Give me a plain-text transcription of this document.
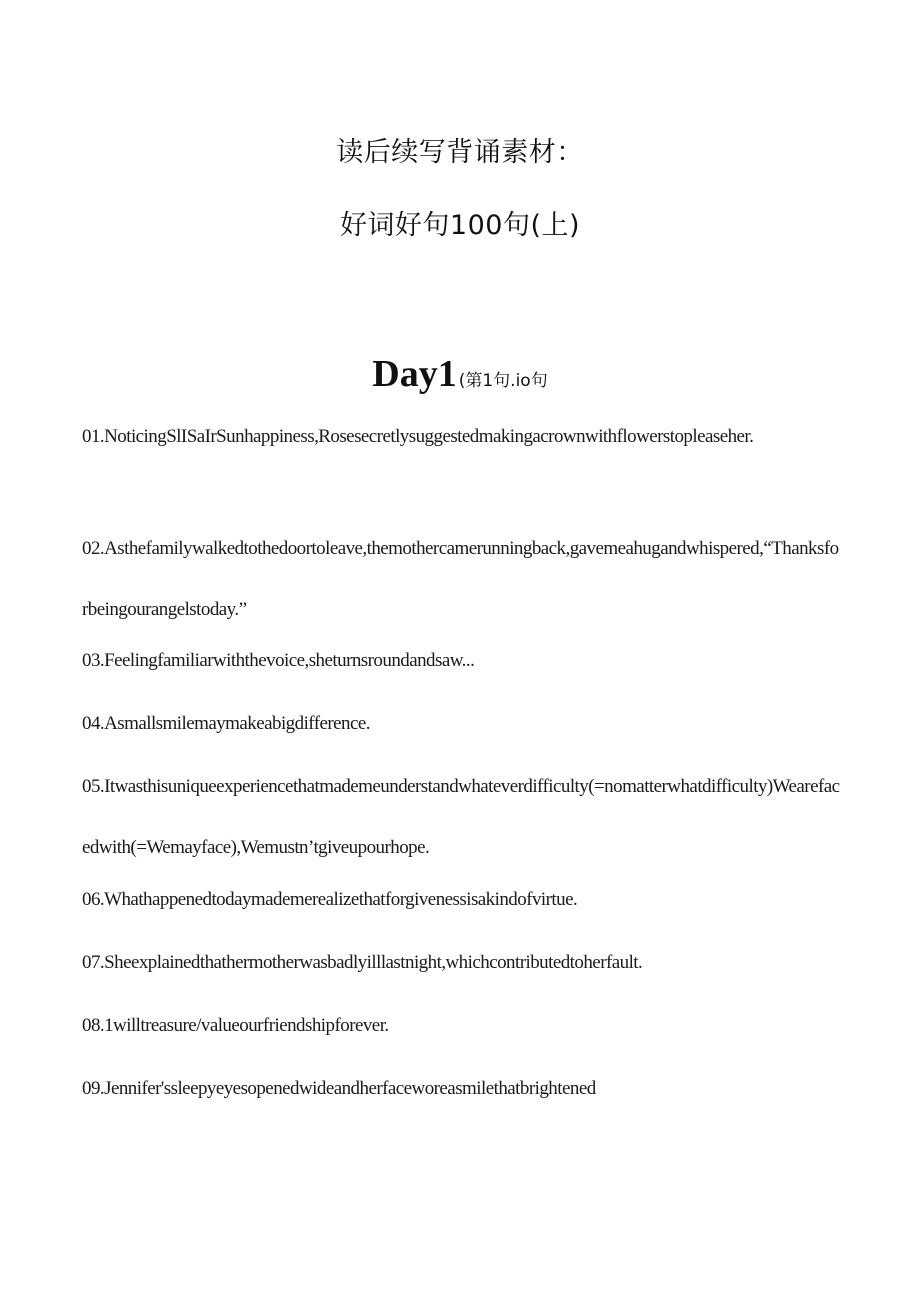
读后续写背诵素材：
好词好句100句(上)
Day1 (第1句.io句
01.NoticingSlISaIrSunhappiness,Rosesecretlysuggestedmakingacrownwithflowerstopleaseher.
02.Asthefamilywalkedtothedoortoleave,themothercamerunningback,gavemeahugandwhispered,“Thanksforbeingourangelstoday.”
03.Feelingfamiliarwiththevoice,sheturnsroundandsaw...
04.Asmallsmilemaymakeabigdifference.
05.Itwasthisuniqueexperiencethatmademeunderstandwhateverdifficulty(=nomatterwhatdifficulty)Wearefacedwith(=Wemayface),Wemustn’tgiveupourhope.
06.Whathappenedtodaymademerealizethatforgivenessisakindofvirtue.
07.Sheexplainedthathermotherwasbadlyilllastnight,whichcontributedtoherfault.
08.1willtreasure/valueourfriendshipforever.
09.Jennifer'ssleepyeyesopenedwideandherfaceworeasmilethatbrightened
